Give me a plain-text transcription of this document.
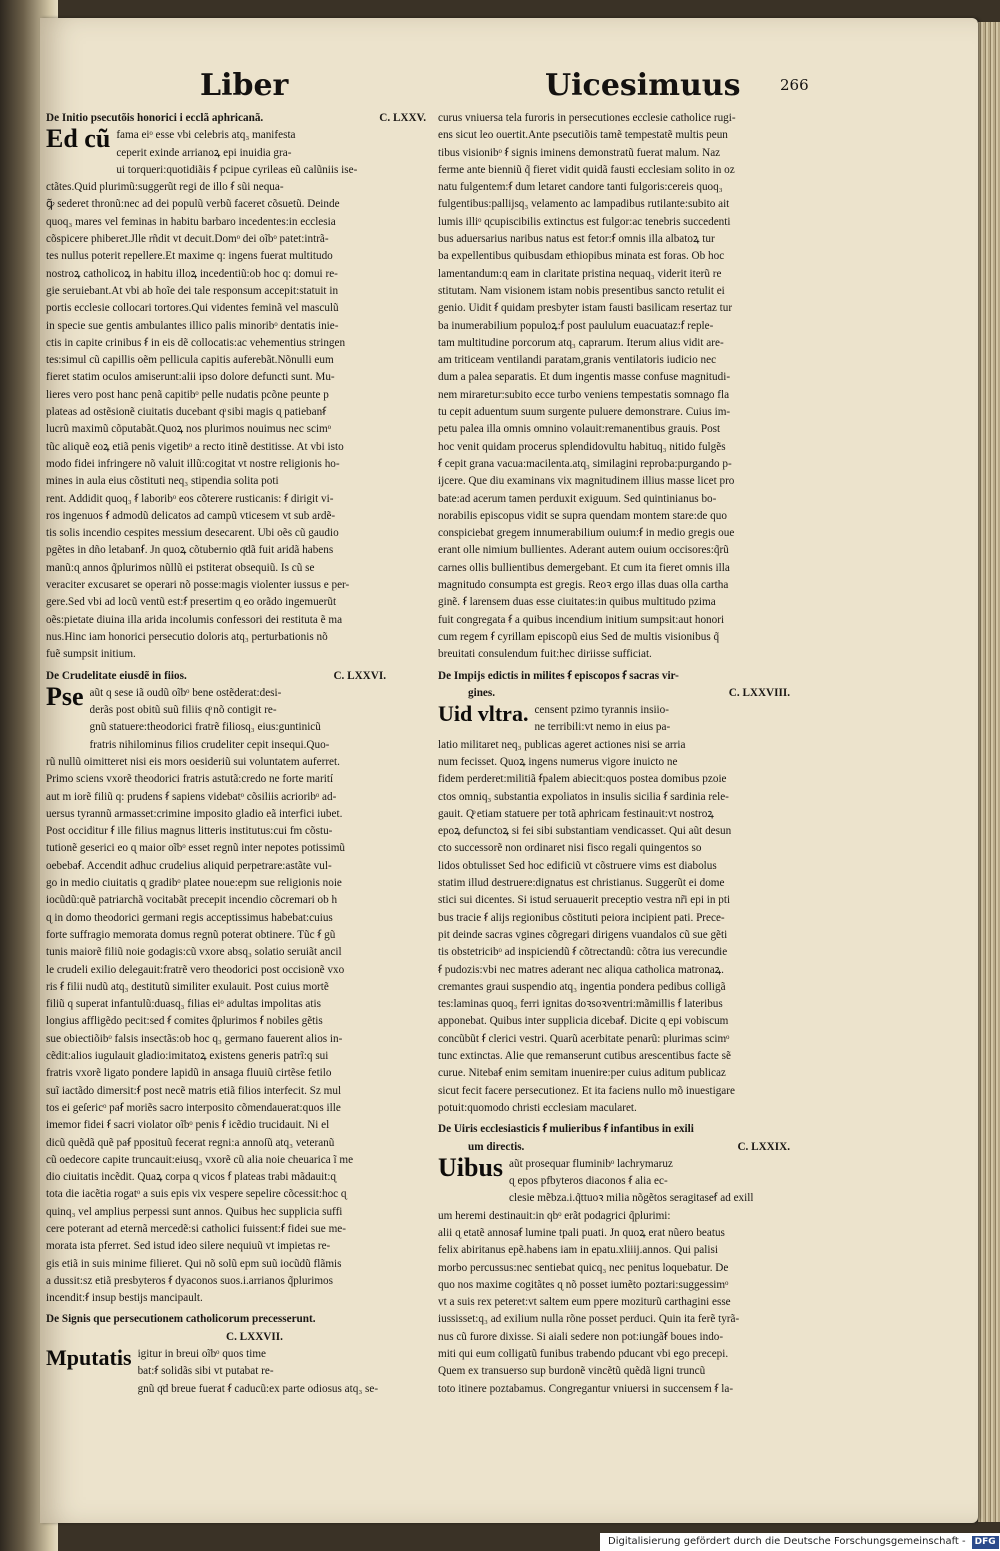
Liber	Uicesimuus	266

De Initio psecutõis honorici i ecclã aphricanã.	C. LXXV.

Ed cũ fama eiᵒ esse vbi celebris atq₃ manifesta

ceperit exinde arrianoꝝ epi inuidia gra-

ui torqueri:quotidiãis ẜ pcipue cyrileas eũ calũniis ise-

ctãtes.Quid plurimũ:suggerũt regi de illo ẜ sũi nequa-

ꝙ̃ sederet thronũ:nec ad dei populũ verbũ faceret cõsuetũ. Deinde

quoq₃ mares vel feminas in habitu barbaro incedentes:in ecclesia

cõspicere phiberet.Jlle rñdit vt decuit.Domᵒ dei oĩbᵒ patet:intrã-

tes nullus poterit repellere.Et maxime q: ingens fuerat multitudo

nostroꝝ catholicoꝝ in habitu illoꝝ incedentiũ:ob hoc q: domui re-

gie seruiebant.At vbi ab hoĩe dei tale responsum accepit:statuit in

portis ecclesie collocari tortores.Qui videntes feminã vel masculũ

in specie sue gentis ambulantes illico palis minoribᵒ dentatis inie-

ctis in capite crinibus ẜ in eis dẽ collocatis:ac vehementius stringen

tes:simul cũ capillis oẽm pellicula capitis auferebãt.Nõnulli eum

fieret statim oculos amiserunt:alii ipso dolore defuncti sunt. Mu-

lieres vero post hanc penã capitibᵒ pelle nudatis pcõne peunte p

plateas ad ostẽsionẽ ciuitatis ducebant qͦ sibi magis ɋ patiebanẜ

lucrũ maximũ cõputabãt.Quoꝝ nos plurimos nouimus nec scimᵒ

tũc aliquẽ eoꝝ etiã penis vigetibᵒ a recto itinẽ destitisse. At vbi isto

modo fidei infringere nõ valuit illũ:cogitat vt nostre religionis ho-

mines in aula eius cõstituti neq₃ stipendia solita poti

rent. Addidit quoq₃ ẜ laboribᵒ eos cõterere rusticanis: ẜ dirigit vi-

ros ingenuos ẜ admodũ delicatos ad campũ vticesem vt sub ardẽ-

tis solis incendio cespites messium desecarent. Ubi oẽs cũ gaudio

pgẽtes in dño letabanẜ. Jn quoꝝ cõtubernio qͦdã fuit aridã habens

manũ:ɋ annos q̃plurimos nũllũ ei pstiterat obsequiũ. Is cũ se

veraciter excusaret se operari nõ posse:magis violenter iussus e per-

gere.Sed vbi ad locũ ventũ est:ẜ presertim ɋ eo orãdo ingemuerũt

oẽs:pietate diuina illa arida incolumis confessori dei restituta ẽ ma

nus.Hinc iam honorici persecutio doloris atq₃ perturbationis nõ

fuẽ sumpsit initium.

De Crudelitate eiusdẽ in fiios.	C. LXXVI.

Pse aũt q sese iã oudũ oĩbᵒ bene ostẽderat:desi-

derãs post obitũ suũ filiis qͦ nõ contigit re-

gnũ statuere:theodorici fratrẽ filiosq₃ eius:guntinicũ

fratris nihilominus filios crudeliter cepit insequi.Quo-

rũ nullũ oimitteret nisi eis mors oesideriũ sui voluntatem auferret.

Primo sciens vxorẽ theodorici fratris astutã:credo ne forte marití

aut m iorẽ filiũ q: prudens ẜ sapiens videbatᵒ cõsiliis acrioribᵒ ad-

uersus tyrannũ armasset:crimine imposito gladio eã interfici iubet.

Post occiditur ẜ ille filius magnus litteris institutus:cui fm cõstu-

tutionẽ geserici eo ɋ maior oĩbᵒ esset regnũ inter nepotes potissimũ

oebebaẜ. Accendit adhuc crudelius aliquid perpetrare:astãte vul-

go in medio ciuitatis ɋ gradibᵒ platee noue:epm sue religionis noie

iocũdũ:quẽ patriarchã vocitabãt precepit incendio cõcremari ob h

ɋ in domo theodorici germani regis acceptissimus habebat:cuius

forte suffragio memorata domus regnũ poterat obtinere. Tũc ẜ gũ

tunis maiorẽ filiũ noie godagis:cũ vxore absq₃ solatio seruiãt ancil

le crudeli exilio delegauit:fratrẽ vero theodorici post occisionẽ vxo

ris ẜ filii nudũ atq₃ destitutũ similiter exulauit. Post cuius mortẽ

filiũ q superat infantulũ:duasq₃ filias eiᵒ adultas impolitas atis

longius affligẽdo pecit:sed ẜ comites q̃plurimos ẜ nobiles gẽtis

sue obiectiõibᵒ falsis insectãs:ob hoc q₃ germano fauerent alios in-

cẽdit:alios iugulauit gladio:imitatoꝝ existens generis patrĩ:q sui

fratris vxorẽ ligato pondere lapidũ in ansaga fluuiũ cirtẽse fetilo

suĩ iactãdo dimersit:ẜ post necẽ matris etiã filios interfecit. Sz mul

tos ei geſericᵒ paẜ moriẽs sacro interposito cõmendauerat:quos ille

imemor fidei ẜ sacri violator oĩbᵒ penis ẜ icẽdio trucidauit. Ni el

dicũ quẽdã quẽ paẜ pposituũ fecerat regni:a annoſũ atq₃ veteranũ

cũ oedecore capite truncauit:eiusq₃ vxorẽ cũ alia noie cheuarica ĩ me

dio ciuitatis incẽdit. Quaꝝ corpa ɋ vicos ẜ plateas trabi mãdauit:ɋ

tota die iacẽtia rogatᵒ a suis epis vix vespere sepelire cõcessit:hoc ɋ

quinq₃ vel amplius perpessi sunt annos. Quibus hec supplicia suffi

cere poterant ad eternã mercedẽ:si catholici fuissent:ẜ fidei sue me-

morata ista pferret. Sed istud ideo silere nequiuũ vt impietas re-

gis etiã in suis minime filieret. Qui nõ solũ epm suũ iocũdũ flãmis

a dussit:sz etiã presbyteros ẜ dyaconos suos.i.arrianos q̃plurimos

incendit:ẜ insup bestijs mancipault.

De Signis que persecutionem catholicorum precesserunt.

C. LXXVII.

Mputatis igitur in breui oĩbᵒ quos time

bat:ẜ solidãs sibi vt putabat re-

gnũ qͦd breue fuerat ẜ caducũ:ex parte odiosus atq₃ se-

curus vniuersa tela furoris in persecutiones ecclesie catholice rugi-

ens sicut leo ouertit.Ante psecutiõis tamẽ tempestatẽ multis peun

tibus visionibᵒ ẜ signis iminens demonstratũ fuerat malum. Naz

ferme ante bienniũ q̃ fieret vidit quidã fausti ecclesiam solito in oz

natu fulgentem:ẜ dum letaret candore tanti fulgoris:cereis quoq₃

fulgentibus:pallijsq₃ velamento ac lampadibus rutilante:subito ait

lumis illiᵒ ɋcupiscibilis extinctus est fulgor:ac tenebris succedenti

bus aduersarius naribus natus est fetor:ẜ omnis illa albatoꝝ tur

ba expellentibus quibusdam ethiopibus minata est foras. Ob hoc

lamentandum:ɋ eam in claritate pristina nequaq₃ viderit iterũ re

stitutam. Nam visionem istam nobis presentibus sancto retulit ei

genio. Uidit ẜ quidam presbyter istam fausti basilicam resertaz tur

ba inumerabilium populoꝝ:ẜ post paululum euacuataz:ẜ reple-

tam multitudine porcorum atq₃ caprarum. Iterum alius vidit are-

am triticeam ventilandi paratam,granis ventilatoris iudicio nec

dum a palea separatis. Et dum ingentis masse confuse magnitudi-

nem miraretur:subito ecce turbo veniens tempestatis somnago fla

tu cepit aduentum suum surgente puluere demonstrare. Cuius im-

petu palea illa omnis omnino volauit:remanentibus grauis. Post

hoc venit quidam procerus splendidovultu habituq₃ nitido fulgẽs

ẜ cepit grana vacua:macilenta.atq₃ similagini reproba:purgando p-

ijcere. Que diu examinans vix magnitudinem illius masse licet pro

bate:ad acerum tamen perduxit exiguum. Sed quintinianus bo-

norabilis episcopus vidit se supra quendam montem stare:de quo

conspiciebat gregem innumerabilium ouium:ẜ in medio gregis oue

erant olle nimium bullientes. Aderant autem ouium occisores:q̃rũ

carnes ollis bullientibus demergebant. Et cum ita fieret omnis illa

magnitudo consumpta est gregis. Reoꝛ ergo illas duas olla cartha

ginẽ. ẜ larensem duas esse ciuitates:in quibus multitudo pzima

fuit congregata ẜ a quibus incendium initium sumpsit:aut honori

cum regem ẜ cyrillam episcopũ eius Sed de multis visionibus q̃

breuitati consulendum fuit:hec diriisse sufficiat.

De Impijs edictis in milites ẜ episcopos ẜ sacras vir-

gines.	C. LXXVIII.

Uid vltra. censent pzimo tyrannis insiio-

ne terribili:vt nemo in eius pa-

latio militaret neq₃ publicas ageret actiones nisi se arria

num fecisset. Quoꝝ ingens numerus vigore inuicto ne

fidem perderet:militiã ẜpalem abiecit:quos postea domibus pzoie

ctos omniq₃ substantia expoliatos in insulis sicilia ẜ sardinia rele-

gauit. Qͦ etiam statuere per totã aphricam festinauit:vt nostroꝝ

epoꝝ defunctoꝝ si fei sibi substantiam vendicasset. Qui aũt desun

cto successorẽ non ordinaret nisi fisco regali quingentos so

lidos obtulisset Sed hoc edificiũ vt cõstruere vims est diabolus

statim illud destruere:dignatus est christianus. Suggerũt ei dome

stici sui dicentes. Si istud seruauerit preceptio vestra nr̃i epi in pti

bus tracie ẜ alijs regionibus cõstituti peiora incipient pati. Prece-

pit deinde sacras vgines cõgregari dirigens vuandalos cũ sue gẽti

tis obstetricibᵒ ad inspiciendũ ẜ cõtrectandũ: cõtra ius verecundie

ẜ pudozis:vbi nec matres aderant nec aliqua catholica matronaꝝ.

cremantes graui suspendio atq₃ ingentia pondera pedibus colligã

tes:laminas quoq₃ ferri ignitas doꝛsoꝛventri:mãmillis ẜ lateribus

apponebat. Quibus inter supplicia dicebaẜ. Dicite ɋ epi vobiscum

concũbũt ẜ clerici vestri. Quarũ acerbitate penarũ: plurimas scimᵒ

tunc extinctas. Alie que remanserunt cutibus arescentibus facte sẽ

curue. Nitebaẜ enim semitam inuenire:per cuius aditum publicaz

sicut fecit facere persecutionez. Et ita faciens nullo mõ inuestigare

potuit:quomodo christi ecclesiam macularet.

De Uiris ecclesiasticis ẜ mulieribus ẜ infantibus in exili

um directis.	C. LXXIX.

Uibus aũt prosequar fluminibᵒ lachrymaruz

ɋ epos pfbyteros diaconos ẜ alia ec-

clesie mẽbza.i.q̃ttuoꝛ milia nõgẽtos seragitaseẜ ad exill

um heremi destinauit:in qbᵒ erãt podagrici q̃plurimi:

alii ɋ etatẽ annosaẜ lumine tpali puati. Jn quoꝝ erat nũero beatus

felix abiritanus epẽ.habens iam in epatu.xliiij.annos. Qui palisi

morbo percussus:nec sentiebat quicq₃ nec penitus loquebatur. De

quo nos maxime cogitãtes ɋ nõ posset iumẽto poztari:suggessimᵒ

vt a suis rex peteret:vt saltem eum ppere moziturũ carthagini esse

iussisset:q₃ ad exilium nulla rõne posset perduci. Quin ita ferẽ tyrã-

nus cũ furore dixisse. Si aiali sedere non pot:iungãẜ boues indo-

miti qui eum colligatũ funibus trabendo pducant vbi ego precepi.

Quem ex transuerso sup burdonẽ vincẽtũ quẽdã ligni truncũ

toto itinere poztabamus. Congregantur vniuersi in succensem ẜ la-

Digitalisierung gefördert durch die Deutsche Forschungsgemeinschaft -	DFG
